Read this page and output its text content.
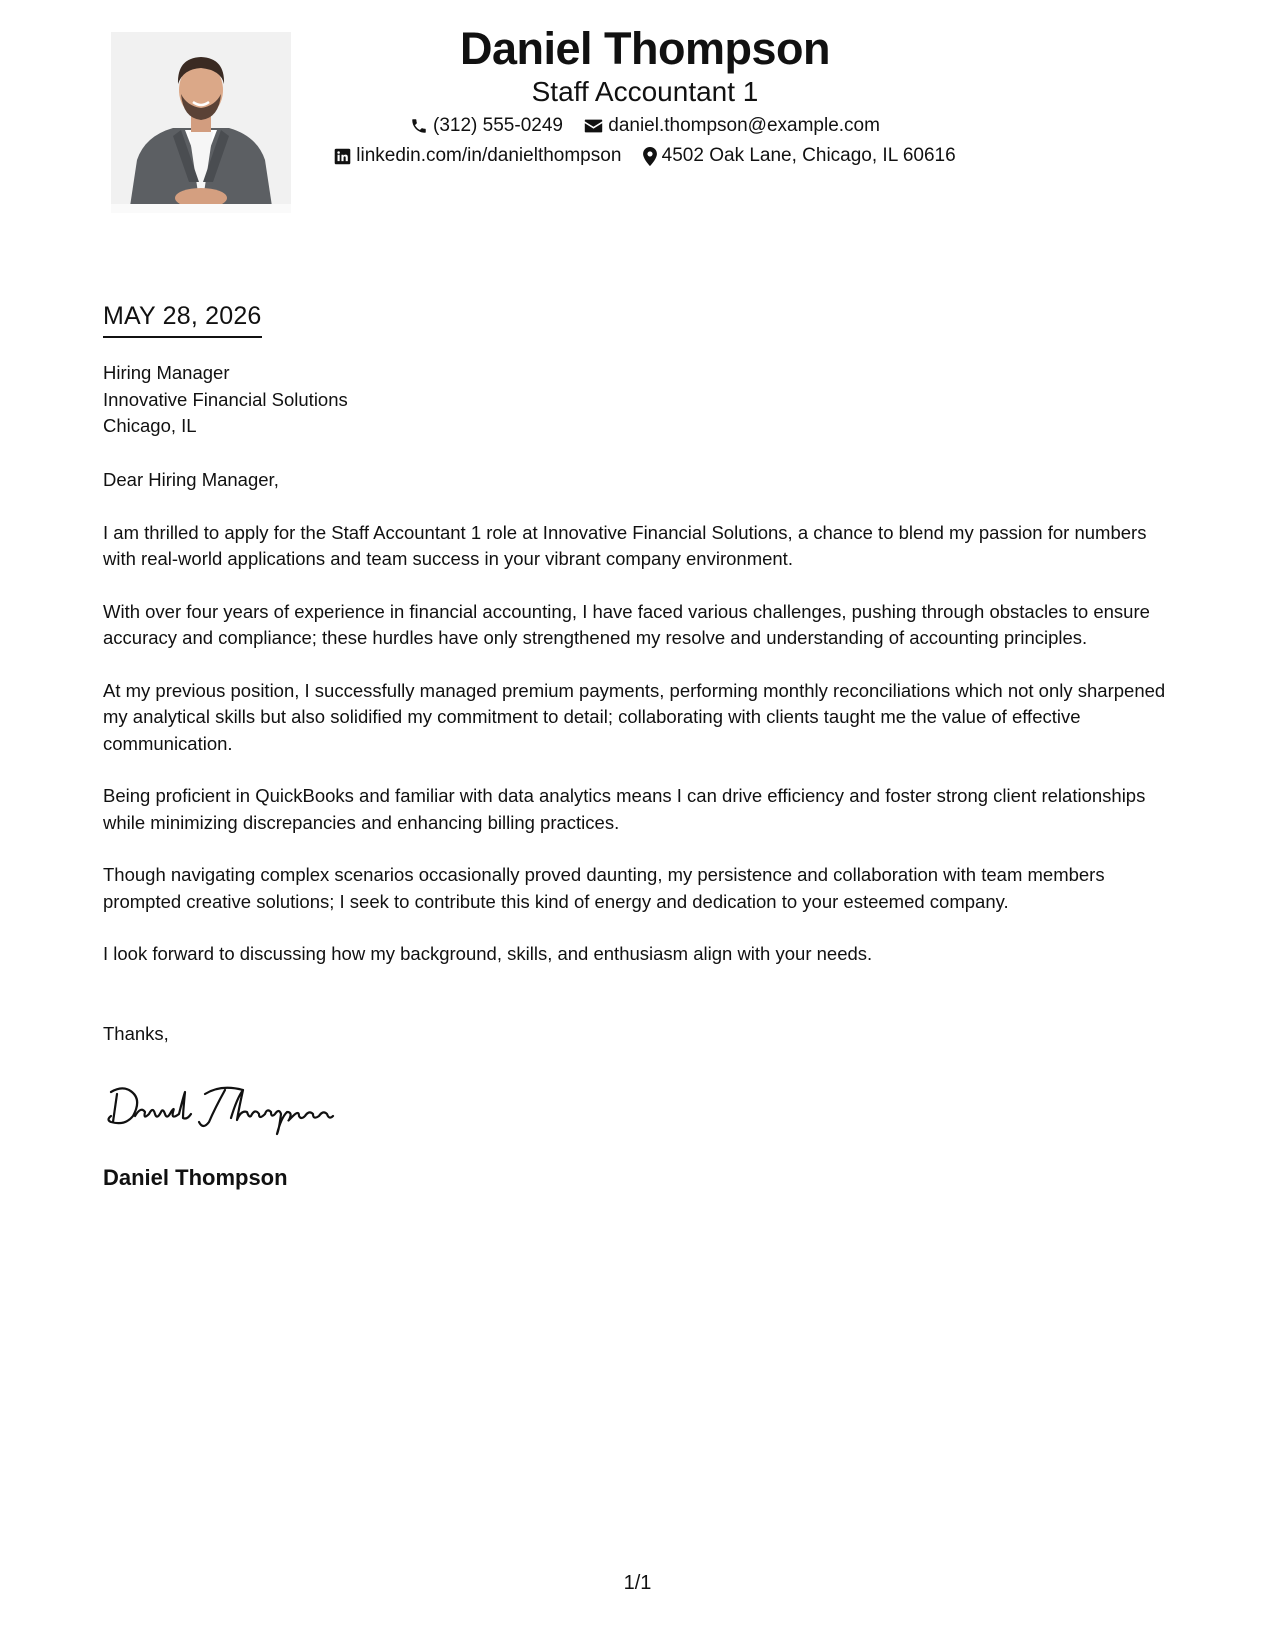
Daniel Thompson
Staff Accountant 1
(312) 555-0249
daniel.thompson@example.com
linkedin.com/in/danielthompson
4502 Oak Lane, Chicago, IL 60616
MAY 28, 2026
Hiring Manager
Innovative Financial Solutions
Chicago, IL

Dear Hiring Manager,

I am thrilled to apply for the Staff Accountant 1 role at Innovative Financial Solutions, a chance to blend my passion for numbers with real-world applications and team success in your vibrant company environment.

With over four years of experience in financial accounting, I have faced various challenges, pushing through obstacles to ensure accuracy and compliance; these hurdles have only strengthened my resolve and understanding of accounting principles.

At my previous position, I successfully managed premium payments, performing monthly reconciliations which not only sharpened my analytical skills but also solidified my commitment to detail; collaborating with clients taught me the value of effective communication.

Being proficient in QuickBooks and familiar with data analytics means I can drive efficiency and foster strong client relationships while minimizing discrepancies and enhancing billing practices.

Though navigating complex scenarios occasionally proved daunting, my persistence and collaboration with team members prompted creative solutions; I seek to contribute this kind of energy and dedication to your esteemed company.

I look forward to discussing how my background, skills, and enthusiasm align with your needs.

Thanks,
Daniel Thompson
1/1
